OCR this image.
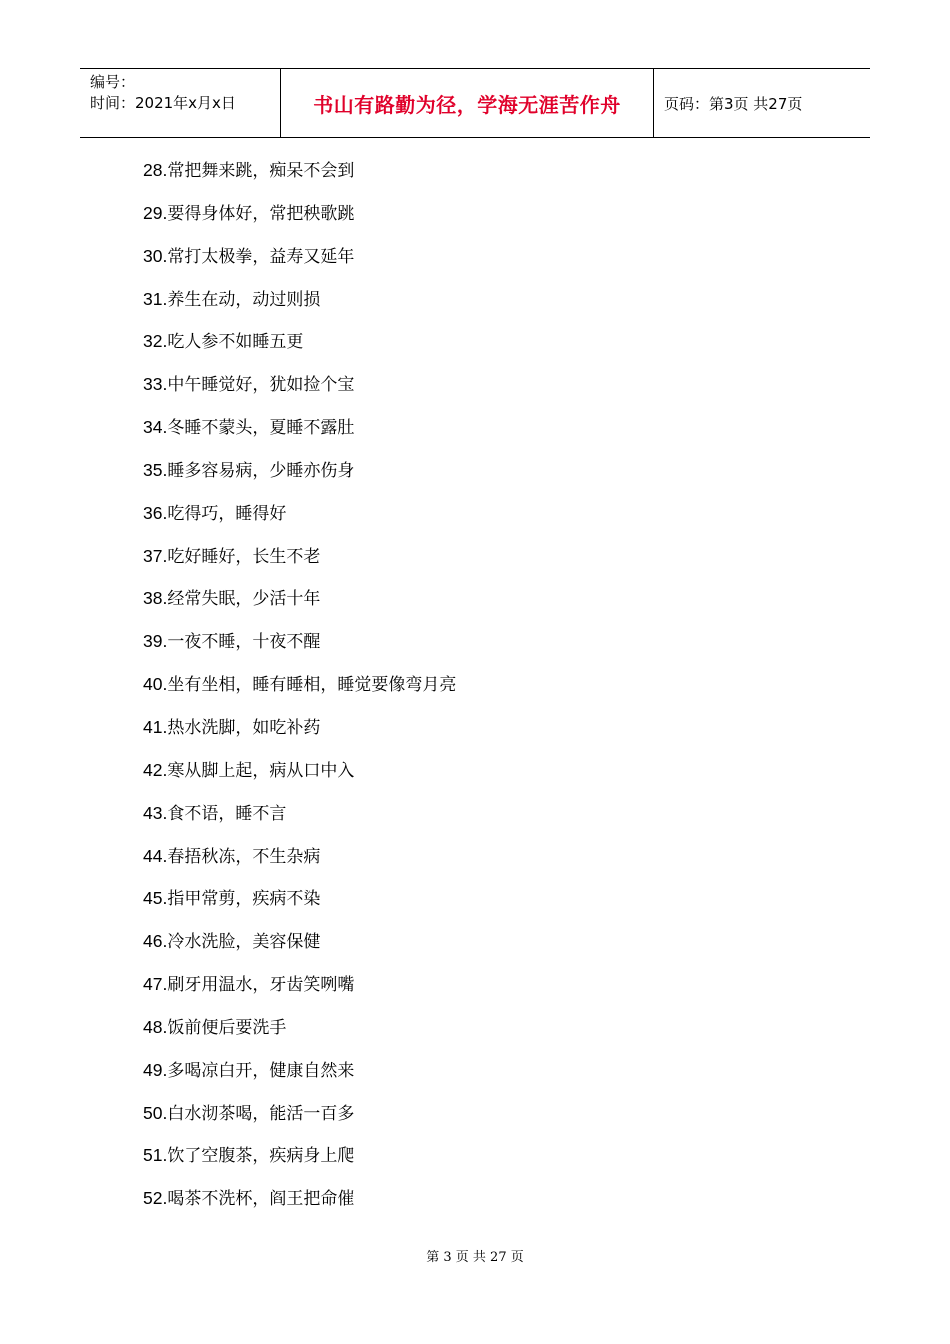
编号：
时间：2021年x月x日	书山有路勤为径，学海无涯苦作舟	页码：第3页 共27页
28.常把舞来跳，痴呆不会到
29.要得身体好，常把秧歌跳
30.常打太极拳，益寿又延年
31.养生在动，动过则损
32.吃人参不如睡五更
33.中午睡觉好，犹如捡个宝
34.冬睡不蒙头，夏睡不露肚
35.睡多容易病，少睡亦伤身
36.吃得巧，睡得好
37.吃好睡好，长生不老
38.经常失眠，少活十年
39.一夜不睡，十夜不醒
40.坐有坐相，睡有睡相，睡觉要像弯月亮
41.热水洗脚，如吃补药
42.寒从脚上起，病从口中入
43.食不语，睡不言
44.春捂秋冻，不生杂病
45.指甲常剪，疾病不染
46.冷水洗脸，美容保健
47.刷牙用温水，牙齿笑咧嘴
48.饭前便后要洗手
49.多喝凉白开，健康自然来
50.白水沏茶喝，能活一百多
51.饮了空腹茶，疾病身上爬
52.喝茶不洗杯，阎王把命催
第 3 页 共 27 页
